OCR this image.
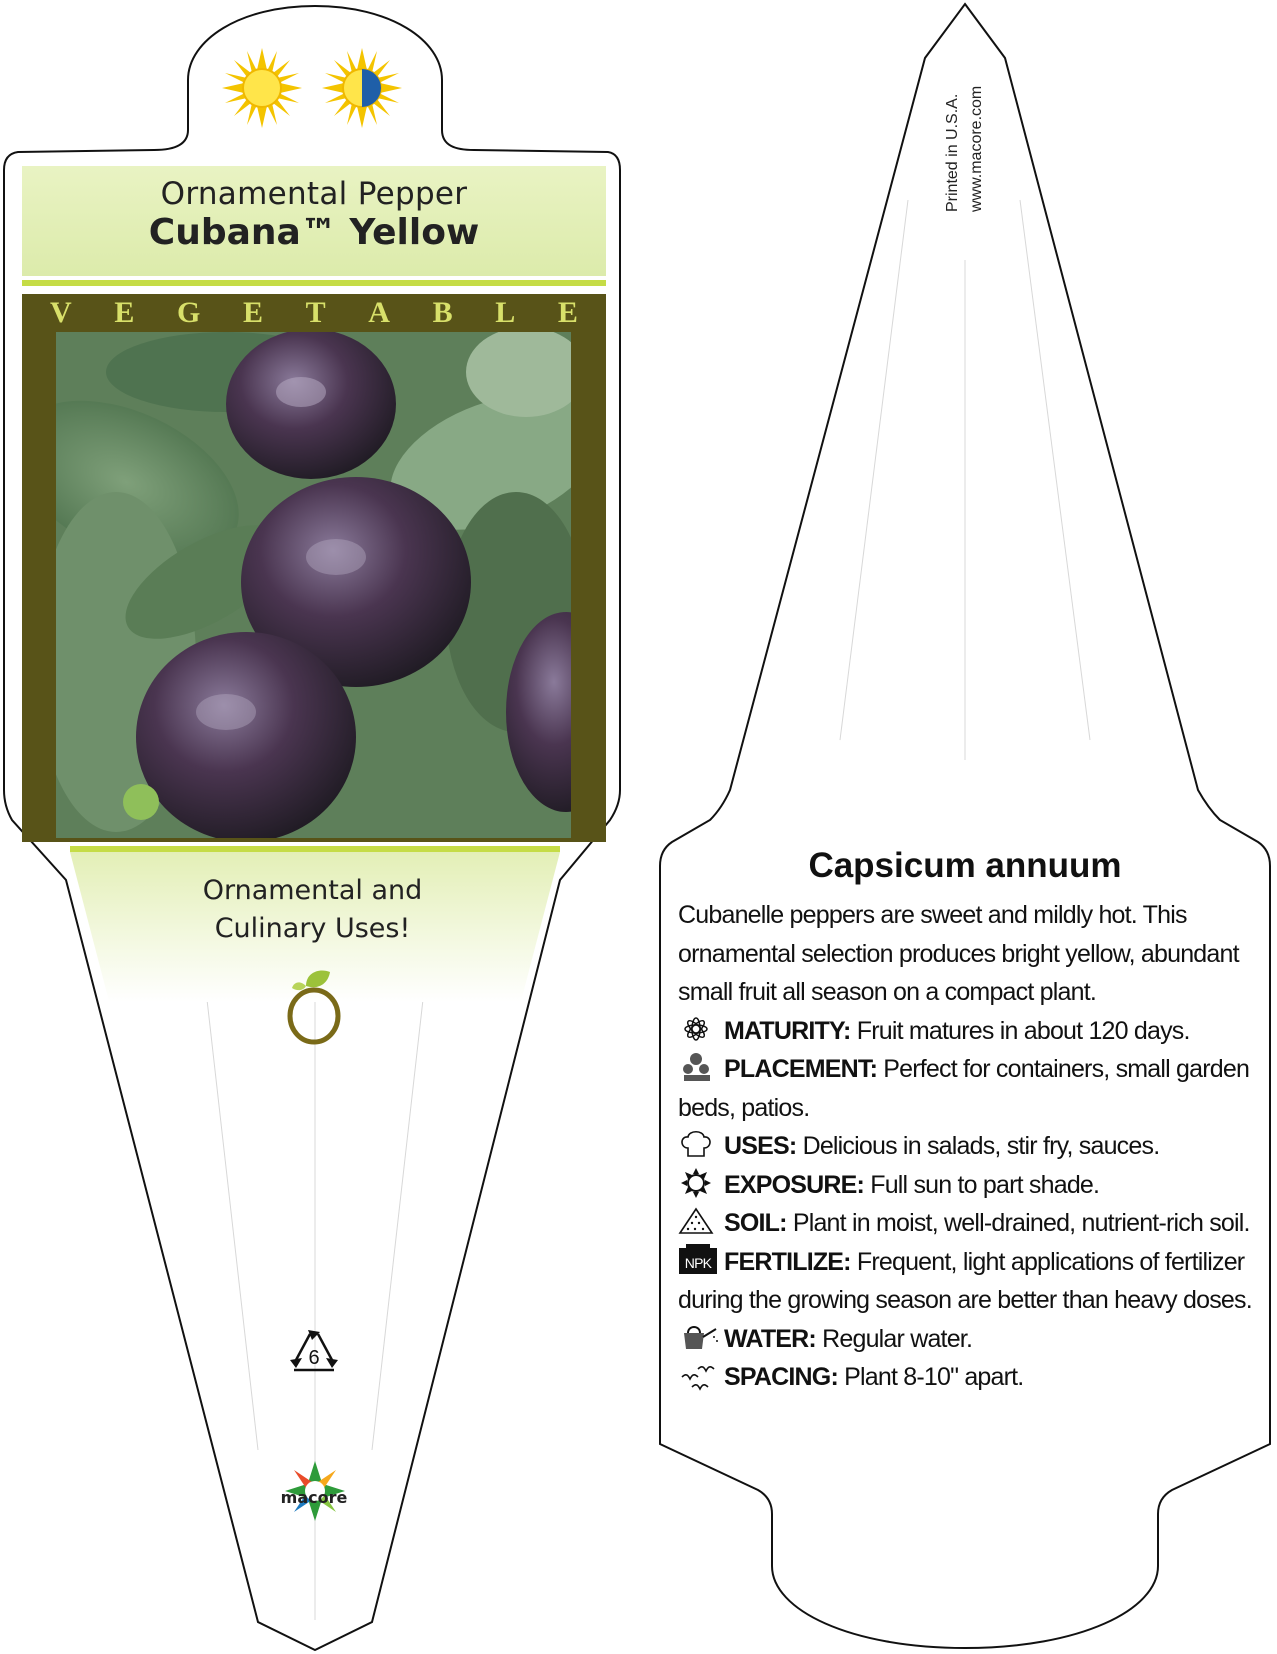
Ornamental Pepper
Cubana™ Yellow
V E G E T A B L E
Ornamental and
Culinary Uses!
6
macore
Printed in U.S.A. www.macore.com
Capsicum annuum

Cubanelle peppers are sweet and mildly hot. This ornamental selection produces bright yellow, abundant small fruit all season on a compact plant.

MATURITY: Fruit matures in about 120 days.

PLACEMENT: Perfect for containers, small garden beds, patios.

USES: Delicious in salads, stir fry, sauces.

EXPOSURE: Full sun to part shade.

SOIL: Plant in moist, well-drained, nutrient-rich soil.

NPK FERTILIZE: Frequent, light applications of fertilizer during the growing season are better than heavy doses.

WATER: Regular water.

SPACING: Plant 8-10" apart.
